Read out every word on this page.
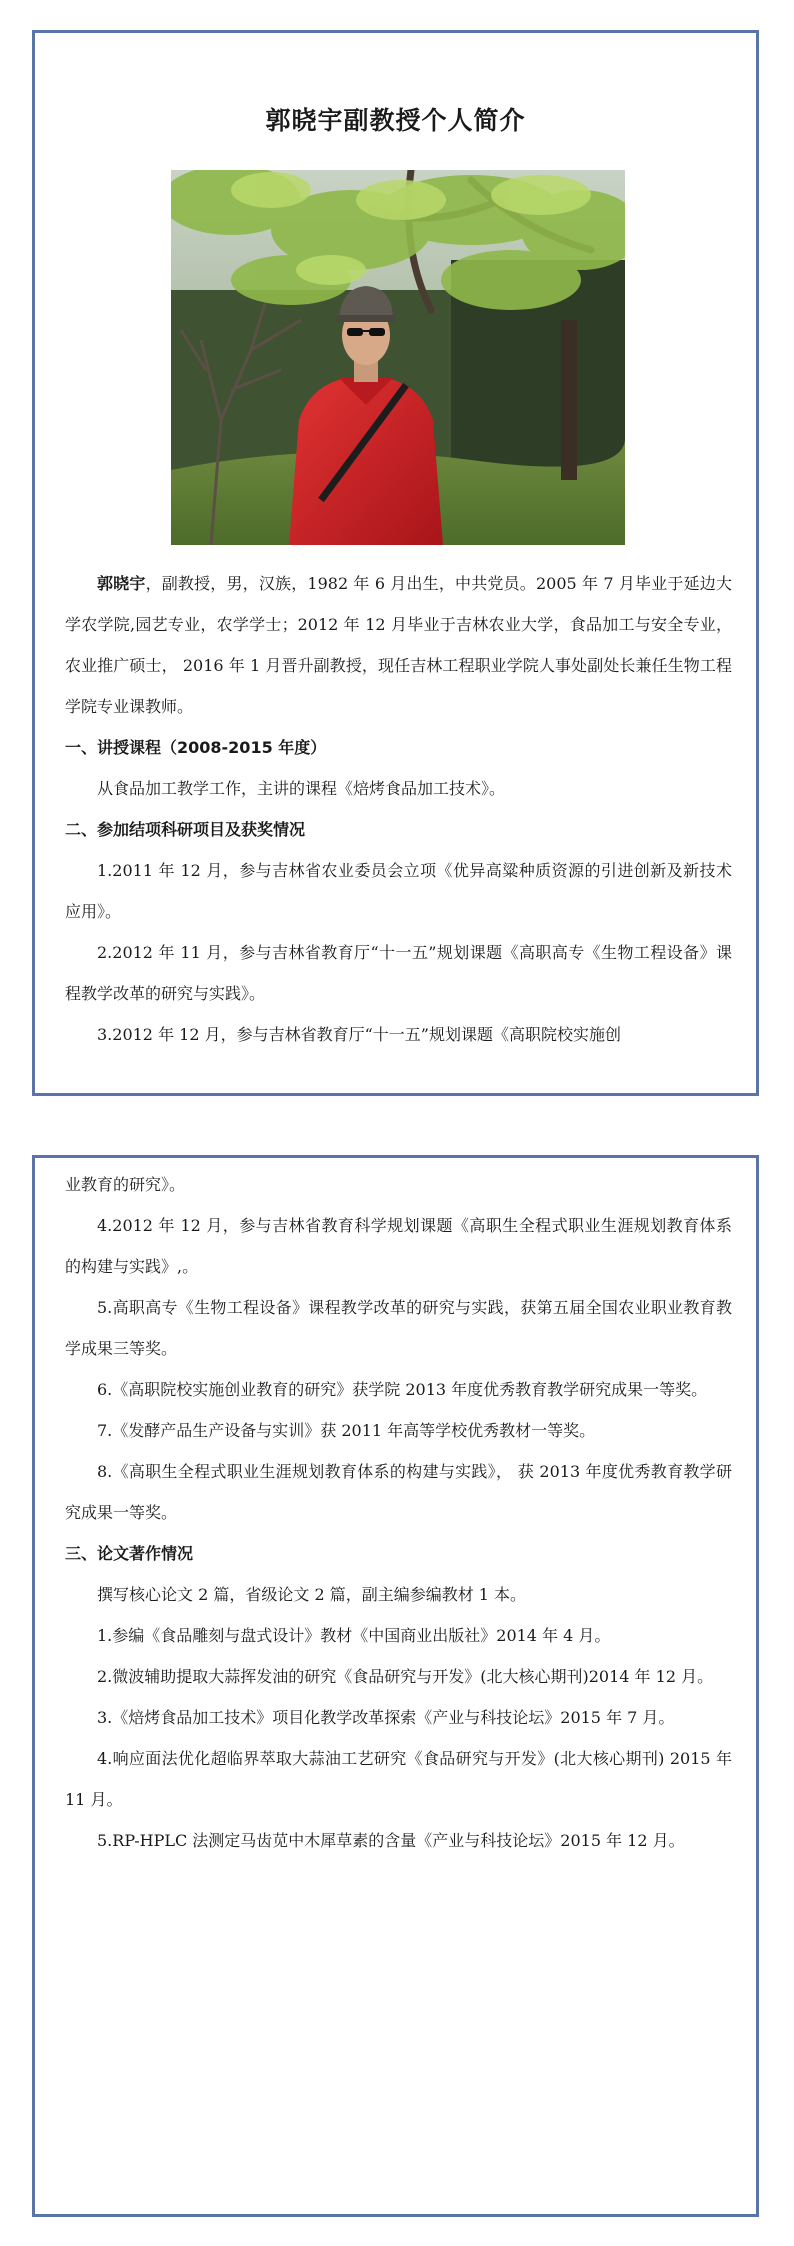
郭晓宇副教授个人简介

郭晓宇，副教授，男，汉族，1982 年 6 月出生，中共党员。2005 年 7 月毕业于延边大学农学院,园艺专业，农学学士；2012 年 12 月毕业于吉林农业大学，食品加工与安全专业，农业推广硕士， 2016 年 1 月晋升副教授，现任吉林工程职业学院人事处副处长兼任生物工程学院专业课教师。

一、讲授课程（2008-2015 年度）

从食品加工教学工作，主讲的课程《焙烤食品加工技术》。

二、参加结项科研项目及获奖情况

1.2011 年 12 月，参与吉林省农业委员会立项《优异高粱种质资源的引进创新及新技术应用》。

2.2012 年 11 月，参与吉林省教育厅“十一五”规划课题《高职高专《生物工程设备》课程教学改革的研究与实践》。

3.2012 年 12 月，参与吉林省教育厅“十一五”规划课题《高职院校实施创

业教育的研究》。

4.2012 年 12 月，参与吉林省教育科学规划课题《高职生全程式职业生涯规划教育体系的构建与实践》,。

5.高职高专《生物工程设备》课程教学改革的研究与实践，获第五届全国农业职业教育教学成果三等奖。

6.《高职院校实施创业教育的研究》获学院 2013 年度优秀教育教学研究成果一等奖。

7.《发酵产品生产设备与实训》获 2011 年高等学校优秀教材一等奖。

8.《高职生全程式职业生涯规划教育体系的构建与实践》， 获 2013 年度优秀教育教学研究成果一等奖。

三、论文著作情况

撰写核心论文 2 篇，省级论文 2 篇，副主编参编教材 1 本。

1.参编《食品雕刻与盘式设计》教材《中国商业出版社》2014 年 4 月。

2.微波辅助提取大蒜挥发油的研究《食品研究与开发》(北大核心期刊)2014 年 12 月。

3.《焙烤食品加工技术》项目化教学改革探索《产业与科技论坛》2015 年 7 月。

4.响应面法优化超临界萃取大蒜油工艺研究《食品研究与开发》(北大核心期刊) 2015 年 11 月。

5.RP-HPLC 法测定马齿苋中木犀草素的含量《产业与科技论坛》2015 年 12 月。
